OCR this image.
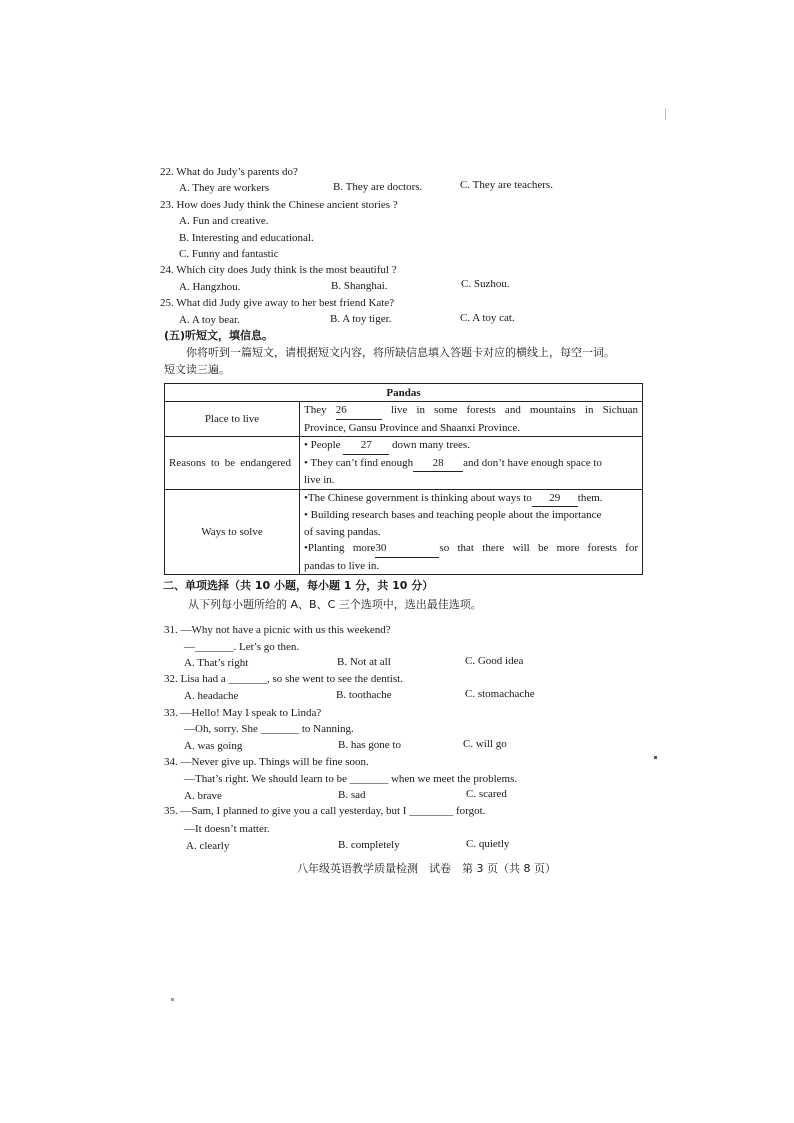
22. What do Judy’s parents do?
A. They are workers	B. They are doctors.	C. They are teachers.
23. How does Judy think the Chinese ancient stories ?
A. Fun and creative.
B. Interesting and educational.
C. Funny and fantastic
24. Which city does Judy think is the most beautiful ?
A. Hangzhou.	B. Shanghai.	C. Suzhou.
25. What did Judy give away to her best friend Kate?
A. A toy bear.	B. A toy tiger.	C. A toy cat.
(五)听短文，填信息。
你将听到一篇短文，请根据短文内容，将所缺信息填入答题卡对应的横线上，每空一词。
短文读三遍。
Pandas	
Place to live	They 26 live in some forests and mountains in Sichuan
Province, Gansu Province and Shaanxi Province.

Reasons to be endangered	• People 27 down many trees.
• They can’t find enough 28 and don’t have enough space to
live in.

Ways to solve	•The Chinese government is thinking about ways to 29 them.
• Building research bases and teaching people about the importance
of saving pandas.
•Planting more30 so that there will be more forests for
pandas to live in.
二、单项选择（共 10 小题，每小题 1 分，共 10 分）
从下列每小题所给的 A、B、C 三个选项中，选出最佳选项。
31. —Why not have a picnic with us this weekend?
—_______. Let’s go then.
A. That’s right	B. Not at all	C. Good idea
32. Lisa had a _______, so she went to see the dentist.
A. headache	B. toothache	C. stomachache
33. —Hello! May I speak to Linda?
—Oh, sorry. She _______ to Nanning.
A. was going	B. has gone to	C. will go
34. —Never give up. Things will be fine soon.
—That’s right. We should learn to be _______ when we meet the problems.
A. brave	B. sad	C. scared
35. —Sam, I planned to give you a call yesterday, but I ________ forgot.
—It doesn’t matter.
A. clearly	B. completely	C. quietly
八年级英语教学质量检测　试卷　第 3 页（共 8 页）
